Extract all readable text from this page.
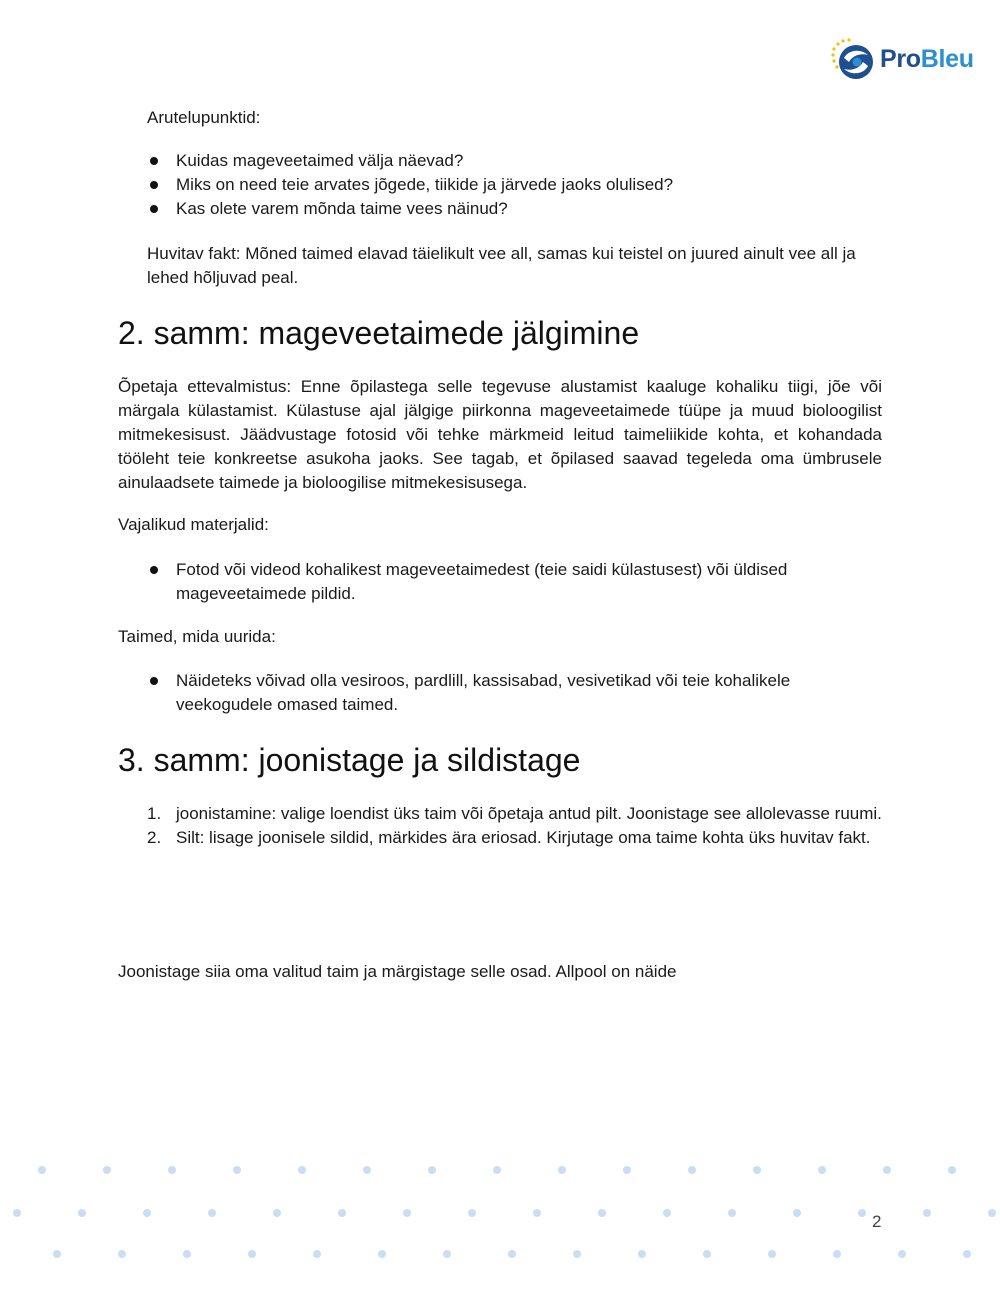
ProBleu

Arutelupunktid:

Kuidas mageveetaimed välja näevad?
Miks on need teie arvates jõgede, tiikide ja järvede jaoks olulised?
Kas olete varem mõnda taime vees näinud?

Huvitav fakt: Mõned taimed elavad täielikult vee all, samas kui teistel on juured ainult vee all ja lehed hõljuvad peal.

2. samm: mageveetaimede jälgimine

Õpetaja ettevalmistus: Enne õpilastega selle tegevuse alustamist kaaluge kohaliku tiigi, jõe või märgala külastamist. Külastuse ajal jälgige piirkonna mageveetaimede tüüpe ja muud bioloogilist mitmekesisust. Jäädvustage fotosid või tehke märkmeid leitud taimeliikide kohta, et kohandada tööleht teie konkreetse asukoha jaoks. See tagab, et õpilased saavad tegeleda oma ümbrusele ainulaadsete taimede ja bioloogilise mitmekesisusega.

Vajalikud materjalid:

Fotod või videod kohalikest mageveetaimedest (teie saidi külastusest) või üldised mageveetaimede pildid.

Taimed, mida uurida:

Näideteks võivad olla vesiroos, pardlill, kassisabad, vesivetikad või teie kohalikele veekogudele omased taimed.
3. samm: joonistage ja sildistage
1. joonistamine: valige loendist üks taim või õpetaja antud pilt. Joonistage see allolevasse ruumi.
2. Silt: lisage joonisele sildid, märkides ära eriosad. Kirjutage oma taime kohta üks huvitav fakt.

Joonistage siia oma valitud taim ja märgistage selle osad. Allpool on näide

2
